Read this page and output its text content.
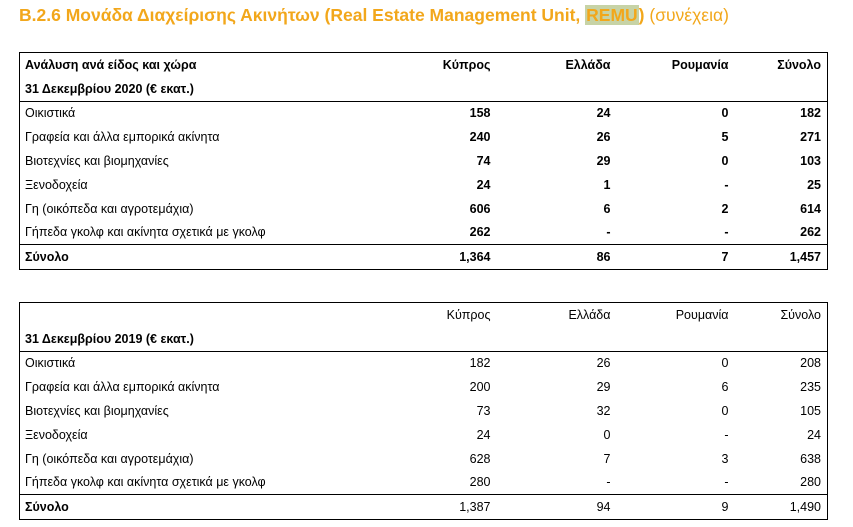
Β.2.6 Μονάδα Διαχείρισης Ακινήτων (Real Estate Management Unit, REMU) (συνέχεια)
Ανάλυση ανά είδος και χώρα	Κύπρος	Ελλάδα	Ρουμανία	Σύνολο
31 Δεκεμβρίου 2020 (€ εκατ.)				
Οικιστικά	158	24	0	182
Γραφεία και άλλα εμπορικά ακίνητα	240	26	5	271
Βιοτεχνίες και βιομηχανίες	74	29	0	103
Ξενοδοχεία	24	1	-	25
Γη (οικόπεδα και αγροτεμάχια)	606	6	2	614
Γήπεδα γκολφ και ακίνητα σχετικά με γκολφ	262	-	-	262
Σύνολο	1,364	86	7	1,457
	Κύπρος	Ελλάδα	Ρουμανία	Σύνολο
31 Δεκεμβρίου 2019 (€ εκατ.)				
Οικιστικά	182	26	0	208
Γραφεία και άλλα εμπορικά ακίνητα	200	29	6	235
Βιοτεχνίες και βιομηχανίες	73	32	0	105
Ξενοδοχεία	24	0	-	24
Γη (οικόπεδα και αγροτεμάχια)	628	7	3	638
Γήπεδα γκολφ και ακίνητα σχετικά με γκολφ	280	-	-	280
Σύνολο	1,387	94	9	1,490
